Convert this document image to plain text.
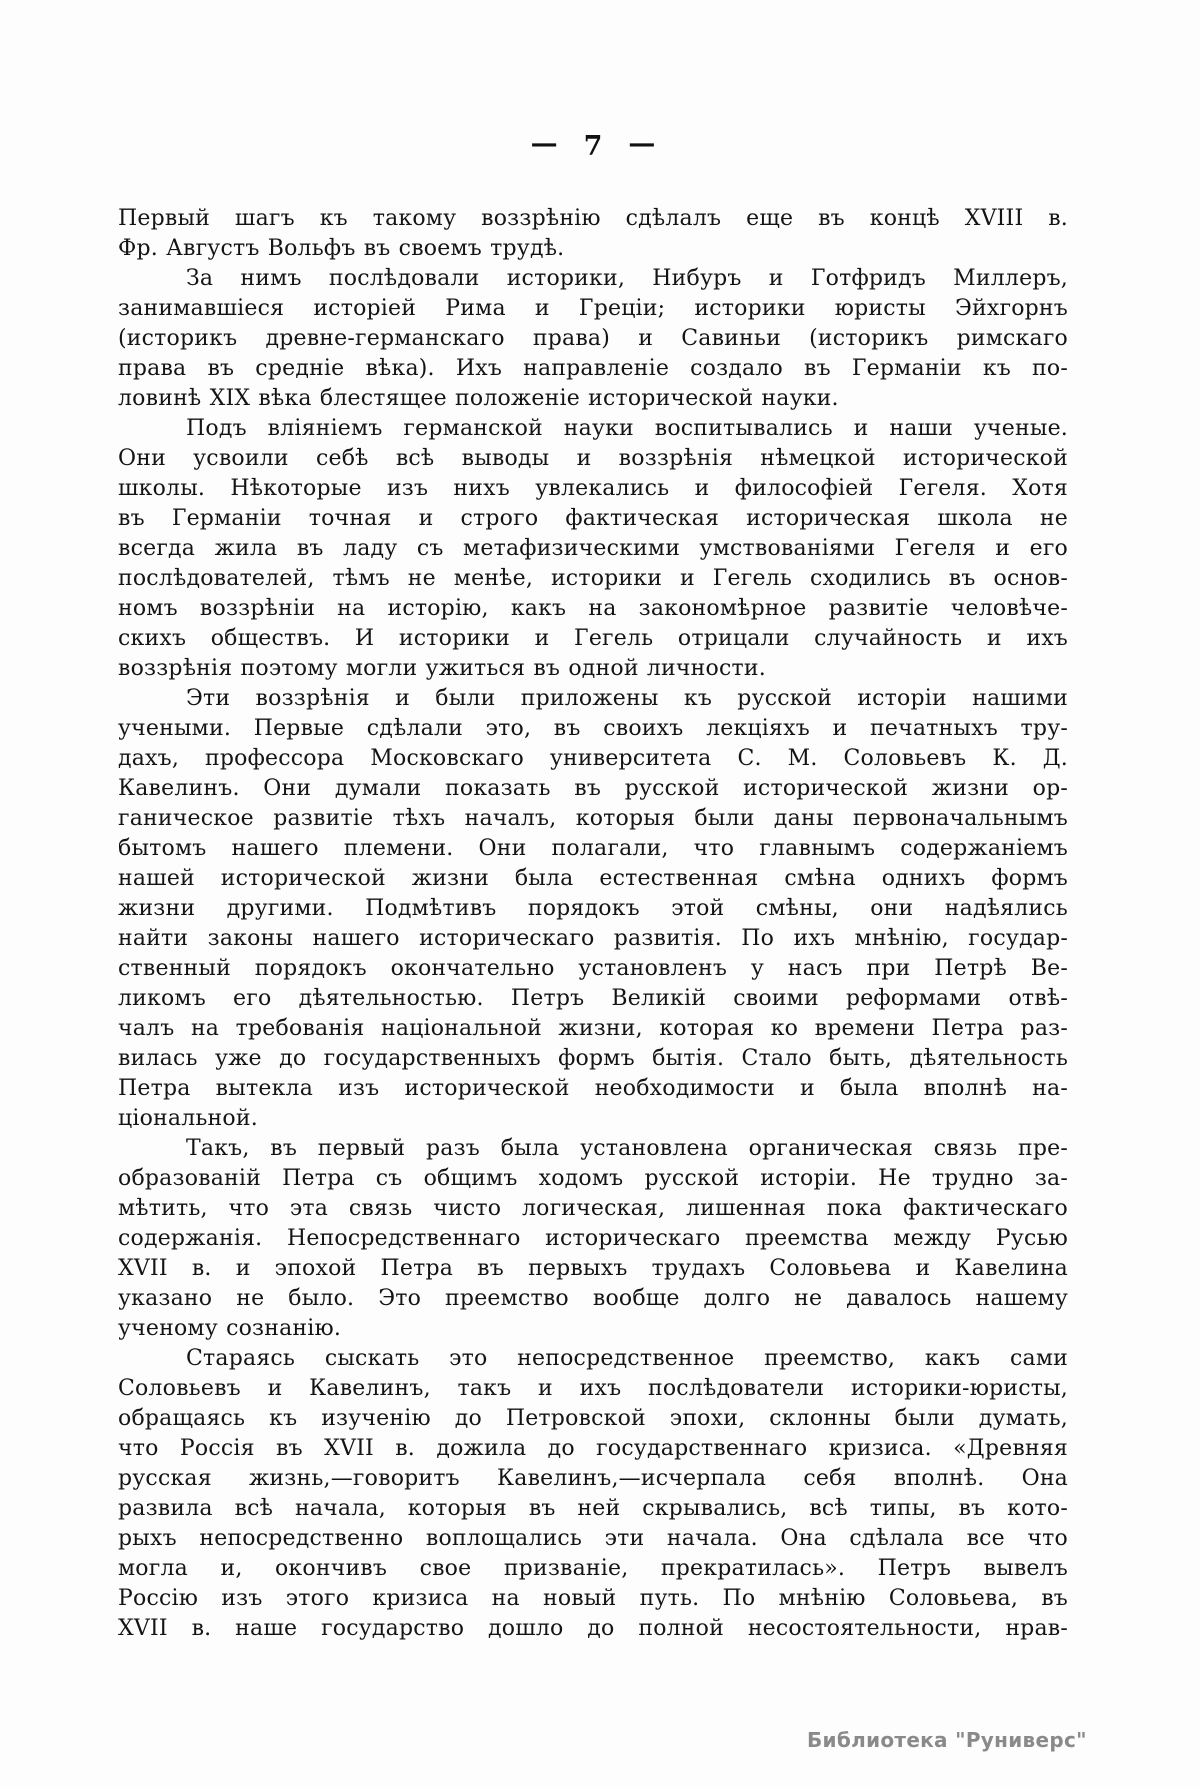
— 7 —
Первый шагъ къ такому воззрѣнію сдѣлалъ еще въ концѣ XVIII в.
Фр. Августъ Вольфъ въ своемъ трудѣ.
За нимъ послѣдовали историки, Нибуръ и Готфридъ Миллеръ,
занимавшіеся исторіей Рима и Греціи; историки юристы Эйхгорнъ
(историкъ древне-германскаго права) и Савиньи (историкъ римскаго
права въ средніе вѣка). Ихъ направленіе создало въ Германіи къ по-
ловинѣ XIX вѣка блестящее положеніе исторической науки.
Подъ вліяніемъ германской науки воспитывались и наши ученые.
Они усвоили себѣ всѣ выводы и воззрѣнія нѣмецкой исторической
школы. Нѣкоторые изъ нихъ увлекались и философіей Гегеля. Хотя
въ Германіи точная и строго фактическая историческая школа не
всегда жила въ ладу съ метафизическими умствованіями Гегеля и его
послѣдователей, тѣмъ не менѣе, историки и Гегель сходились въ основ-
номъ воззрѣніи на исторію, какъ на закономѣрное развитіе человѣче-
скихъ обществъ. И историки и Гегель отрицали случайность и ихъ
воззрѣнія поэтому могли ужиться въ одной личности.
Эти воззрѣнія и были приложены къ русской исторіи нашими
учеными. Первые сдѣлали это, въ своихъ лекціяхъ и печатныхъ тру-
дахъ, профессора Московскаго университета С. М. Соловьевъ К. Д.
Кавелинъ. Они думали показать въ русской исторической жизни ор-
ганическое развитіе тѣхъ началъ, которыя были даны первоначальнымъ
бытомъ нашего племени. Они полагали, что главнымъ содержаніемъ
нашей исторической жизни была естественная смѣна однихъ формъ
жизни другими. Подмѣтивъ порядокъ этой смѣны, они надѣялись
найти законы нашего историческаго развитія. По ихъ мнѣнію, государ-
ственный порядокъ окончательно установленъ у насъ при Петрѣ Ве-
ликомъ его дѣятельностью. Петръ Великій своими реформами отвѣ-
чалъ на требованія національной жизни, которая ко времени Петра раз-
вилась уже до государственныхъ формъ бытія. Стало быть, дѣятельность
Петра вытекла изъ исторической необходимости и была вполнѣ на-
ціональной.
Такъ, въ первый разъ была установлена органическая связь пре-
образованій Петра съ общимъ ходомъ русской исторіи. Не трудно за-
мѣтить, что эта связь чисто логическая, лишенная пока фактическаго
содержанія. Непосредственнаго историческаго преемства между Русью
XVII в. и эпохой Петра въ первыхъ трудахъ Соловьева и Кавелина
указано не было. Это преемство вообще долго не давалось нашему
ученому сознанію.
Стараясь сыскать это непосредственное преемство, какъ сами
Соловьевъ и Кавелинъ, такъ и ихъ послѣдователи историки-юристы,
обращаясь къ изученію до Петровской эпохи, склонны были думать,
что Россія въ XVII в. дожила до государственнаго кризиса. «Древняя
русская жизнь,—говоритъ Кавелинъ,—исчерпала себя вполнѣ. Она
развила всѣ начала, которыя въ ней скрывались, всѣ типы, въ кото-
рыхъ непосредственно воплощались эти начала. Она сдѣлала все что
могла и, окончивъ свое призваніе, прекратилась». Петръ вывелъ
Россію изъ этого кризиса на новый путь. По мнѣнію Соловьева, въ
XVII в. наше государство дошло до полной несостоятельности, нрав-
Библиотека "Руниверс"
